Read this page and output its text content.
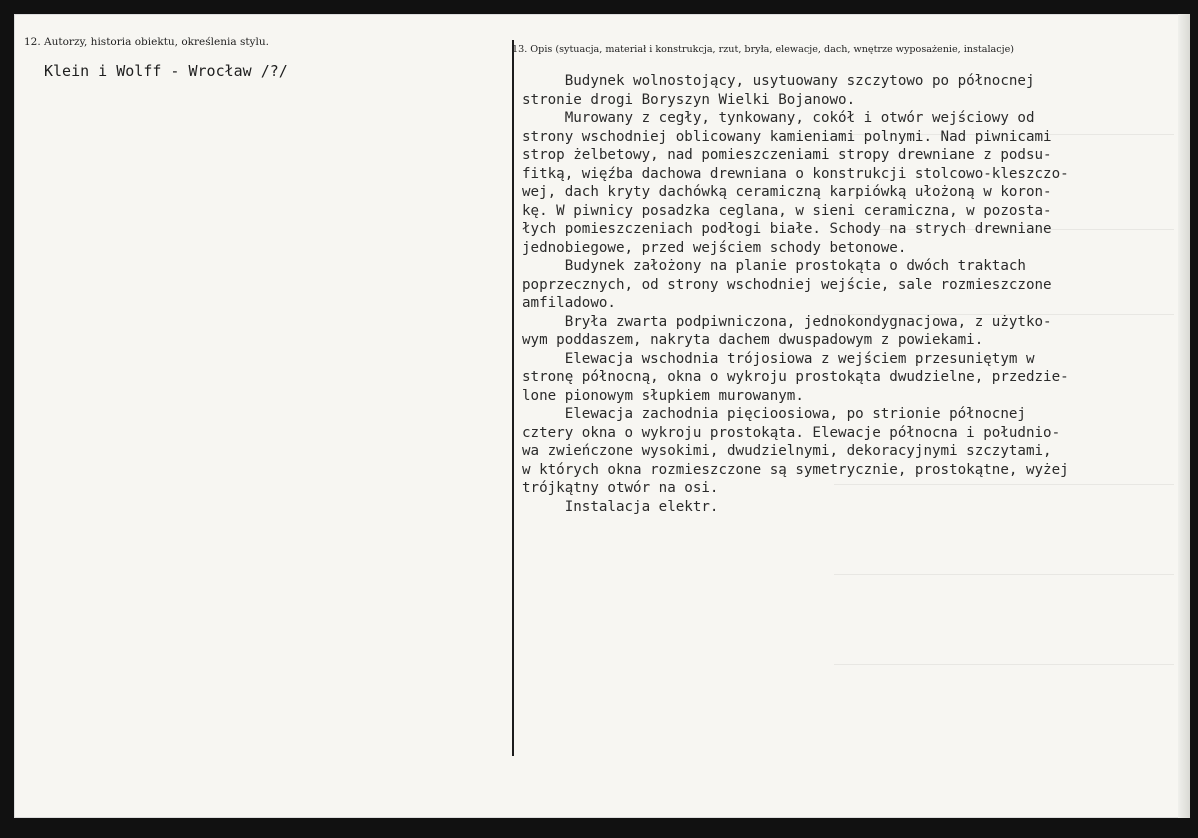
12. Autorzy, historia obiektu, określenia stylu.
Klein i Wolff - Wrocław /?/
13. Opis (sytuacja, materiał i konstrukcja, rzut, bryła, elewacje, dach, wnętrze wyposażenie, instalacje)
Budynek wolnostojący, usytuowany szczytowo po północnej
stronie drogi Boryszyn Wielki Bojanowo.
Murowany z cegły, tynkowany, cokół i otwór wejściowy od
strony wschodniej oblicowany kamieniami polnymi. Nad piwnicami
strop żelbetowy, nad pomieszczeniami stropy drewniane z podsu-
fitką, więźba dachowa drewniana o konstrukcji stolcowo-kleszczo-
wej, dach kryty dachówką ceramiczną karpiówką ułożoną w koron-
kę. W piwnicy posadzka ceglana, w sieni ceramiczna, w pozosta-
łych pomieszczeniach podłogi białe. Schody na strych drewniane
jednobiegowe, przed wejściem schody betonowe.
Budynek założony na planie prostokąta o dwóch traktach
poprzecznych, od strony wschodniej wejście, sale rozmieszczone
amfiladowo.
Bryła zwarta podpiwniczona, jednokondygnacjowa, z użytko-
wym poddaszem, nakryta dachem dwuspadowym z powiekami.
Elewacja wschodnia trójosiowa z wejściem przesuniętym w
stronę północną, okna o wykroju prostokąta dwudzielne, przedzie-
lone pionowym słupkiem murowanym.
Elewacja zachodnia pięcioosiowa, po strionie północnej
cztery okna o wykroju prostokąta. Elewacje północna i południo-
wa zwieńczone wysokimi, dwudzielnymi, dekoracyjnymi szczytami,
w których okna rozmieszczone są symetrycznie, prostokątne, wyżej
trójkątny otwór na osi.
Instalacja elektr.
